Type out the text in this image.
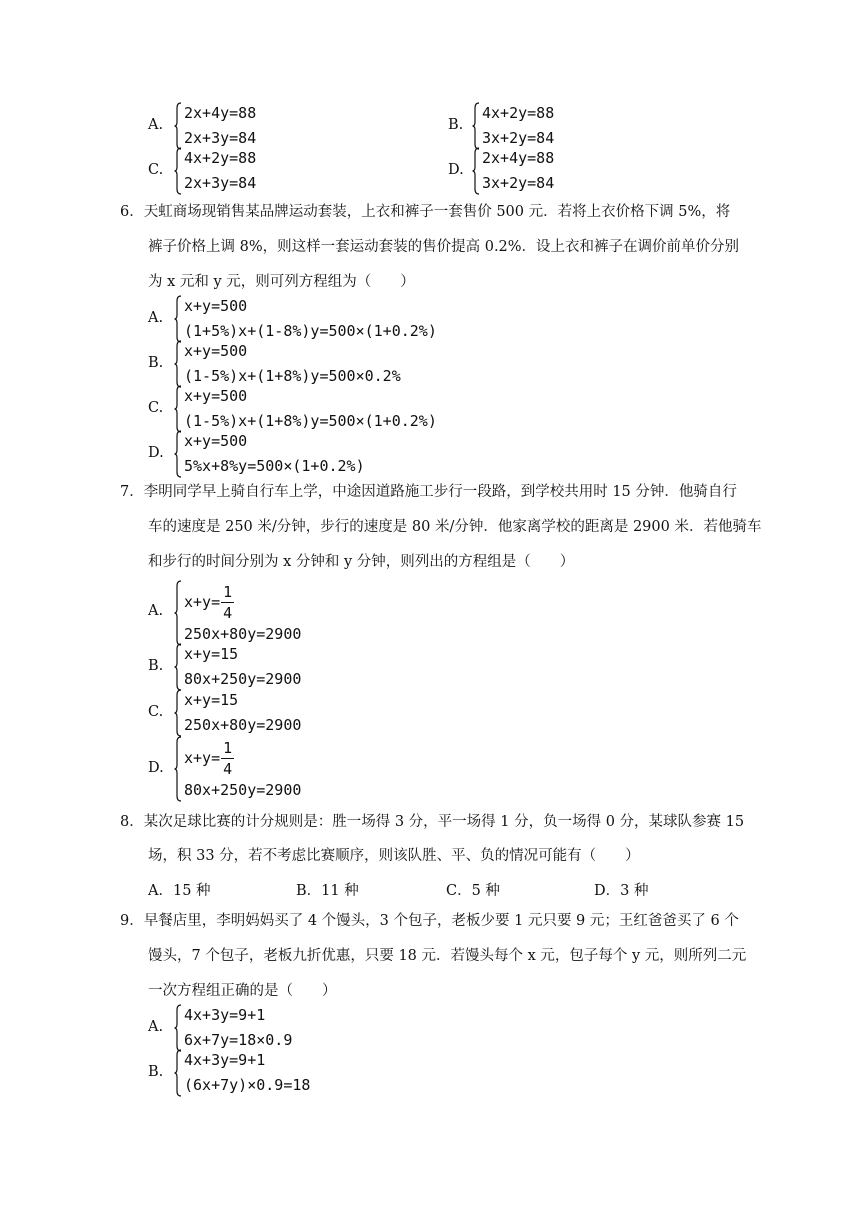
A.
2x+4y=88
2x+3y=84
B.
4x+2y=88
3x+2y=84
C.
4x+2y=88
2x+3y=84
D.
2x+4y=88
3x+2y=84
6．天虹商场现销售某品牌运动套装，上衣和裤子一套售价 500 元．若将上衣价格下调 5%，将
裤子价格上调 8%，则这样一套运动套装的售价提高 0.2%．设上衣和裤子在调价前单价分别
为 x 元和 y 元，则可列方程组为（　　）
A.
x+y=500
(1+5%)x+(1-8%)y=500×(1+0.2%)
B.
x+y=500
(1-5%)x+(1+8%)y=500×0.2%
C.
x+y=500
(1-5%)x+(1+8%)y=500×(1+0.2%)
D.
x+y=500
5%x+8%y=500×(1+0.2%)
7．李明同学早上骑自行车上学，中途因道路施工步行一段路，到学校共用时 15 分钟．他骑自行
车的速度是 250 米/分钟，步行的速度是 80 米/分钟．他家离学校的距离是 2900 米．若他骑车
和步行的时间分别为 x 分钟和 y 分钟，则列出的方程组是（　　）
A. $x+y= \frac{1}{4}$
250x+80y=2900
B.
x+y=15
80x+250y=2900
C.
x+y=15
250x+80y=2900
D.
$x+y= \frac{1}{4}$
80x+250y=2900
8．某次足球比赛的计分规则是：胜一场得 3 分，平一场得 1 分，负一场得 0 分，某球队参赛 15
场，积 33 分，若不考虑比赛顺序，则该队胜、平、负的情况可能有（　　）
A．15 种	B．11 种	C．5 种	D．3 种
9．早餐店里，李明妈妈买了 4 个馒头，3 个包子，老板少要 1 元只要 9 元；王红爸爸买了 6 个
馒头，7 个包子，老板九折优惠，只要 18 元．若馒头每个 x 元，包子每个 y 元，则所列二元
一次方程组正确的是（　　）
A.
4x+3y=9+1
6x+7y=18×0.9
B.
4x+3y=9+1
(6x+7y)×0.9=18
